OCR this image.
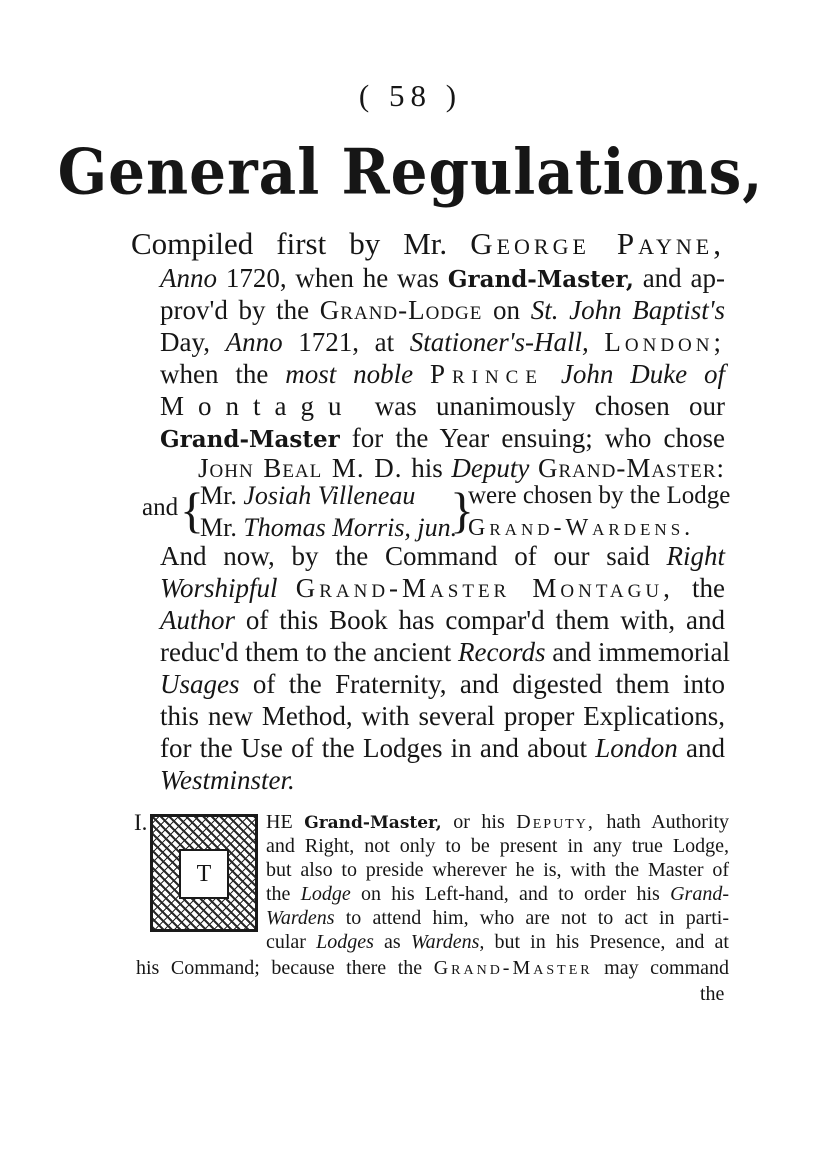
( 58 )
General Regulations,
Compiled first by Mr. George Payne,
Anno 1720, when he was Grand-Master, and ap-
prov'd by the Grand-Lodge on St. John Baptist's
Day, Anno 1721, at Stationer's-Hall, London;
when the most noble Prince John Duke of
Montagu was unanimously chosen our
Grand-Master for the Year ensuing; who chose
John Beal M. D. his Deputy Grand-Master:
and {
Mr. Josiah Villeneau
Mr. Thomas Morris, jun.
}
were chosen by the Lodge
Grand-Wardens.
And now, by the Command of our said Right
Worshipful Grand-Master Montagu, the
Author of this Book has compar'd them with, and
reduc'd them to the ancient Records and immemorial
Usages of the Fraternity, and digested them into
this new Method, with several proper Explications,
for the Use of the Lodges in and about London and
Westminster.
I.
T
HE Grand-Master, or his Deputy, hath Authority
and Right, not only to be present in any true Lodge,
but also to preside wherever he is, with the Master of
the Lodge on his Left-hand, and to order his Grand-
Wardens to attend him, who are not to act in parti-
cular Lodges as Wardens, but in his Presence, and at
his Command; because there the Grand-Master may command
the
